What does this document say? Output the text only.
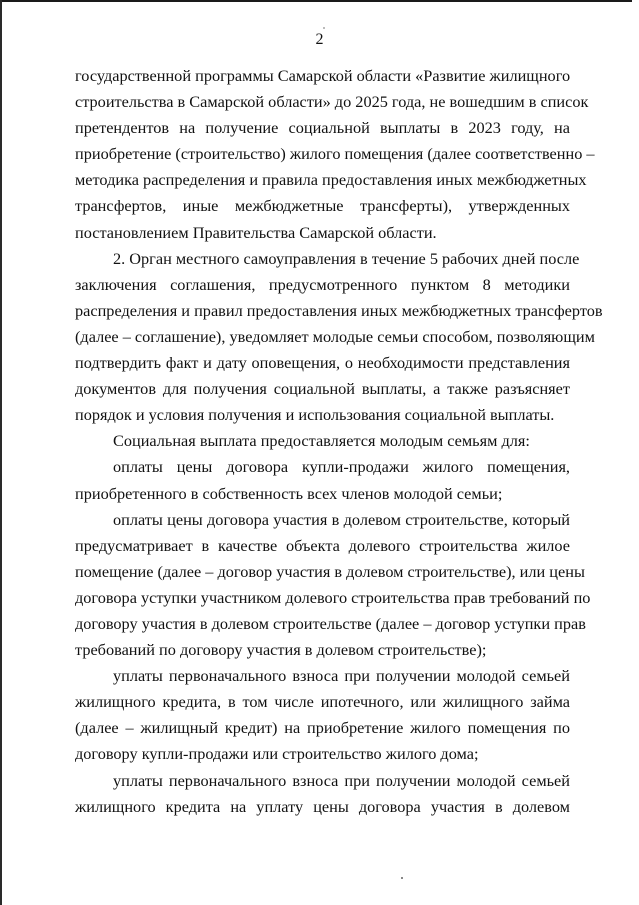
2
государственной программы Самарской области «Развитие жилищного
строительства в Самарской области» до 2025 года, не вошедшим в список
претендентов на получение социальной выплаты в 2023 году, на
приобретение (строительство) жилого помещения (далее соответственно –
методика распределения и правила предоставления иных межбюджетных
трансфертов, иные межбюджетные трансферты), утвержденных
постановлением Правительства Самарской области.
2. Орган местного самоуправления в течение 5 рабочих дней после
заключения соглашения, предусмотренного пунктом 8 методики
распределения и правил предоставления иных межбюджетных трансфертов
(далее – соглашение), уведомляет молодые семьи способом, позволяющим
подтвердить факт и дату оповещения, о необходимости представления
документов для получения социальной выплаты, а также разъясняет
порядок и условия получения и использования социальной выплаты.
Социальная выплата предоставляется молодым семьям для:
оплаты цены договора купли-продажи жилого помещения,
приобретенного в собственность всех членов молодой семьи;
оплаты цены договора участия в долевом строительстве, который
предусматривает в качестве объекта долевого строительства жилое
помещение (далее – договор участия в долевом строительстве), или цены
договора уступки участником долевого строительства прав требований по
договору участия в долевом строительстве (далее – договор уступки прав
требований по договору участия в долевом строительстве);
уплаты первоначального взноса при получении молодой семьей
жилищного кредита, в том числе ипотечного, или жилищного займа
(далее – жилищный кредит) на приобретение жилого помещения по
договору купли-продажи или строительство жилого дома;
уплаты первоначального взноса при получении молодой семьей
жилищного кредита на уплату цены договора участия в долевом
